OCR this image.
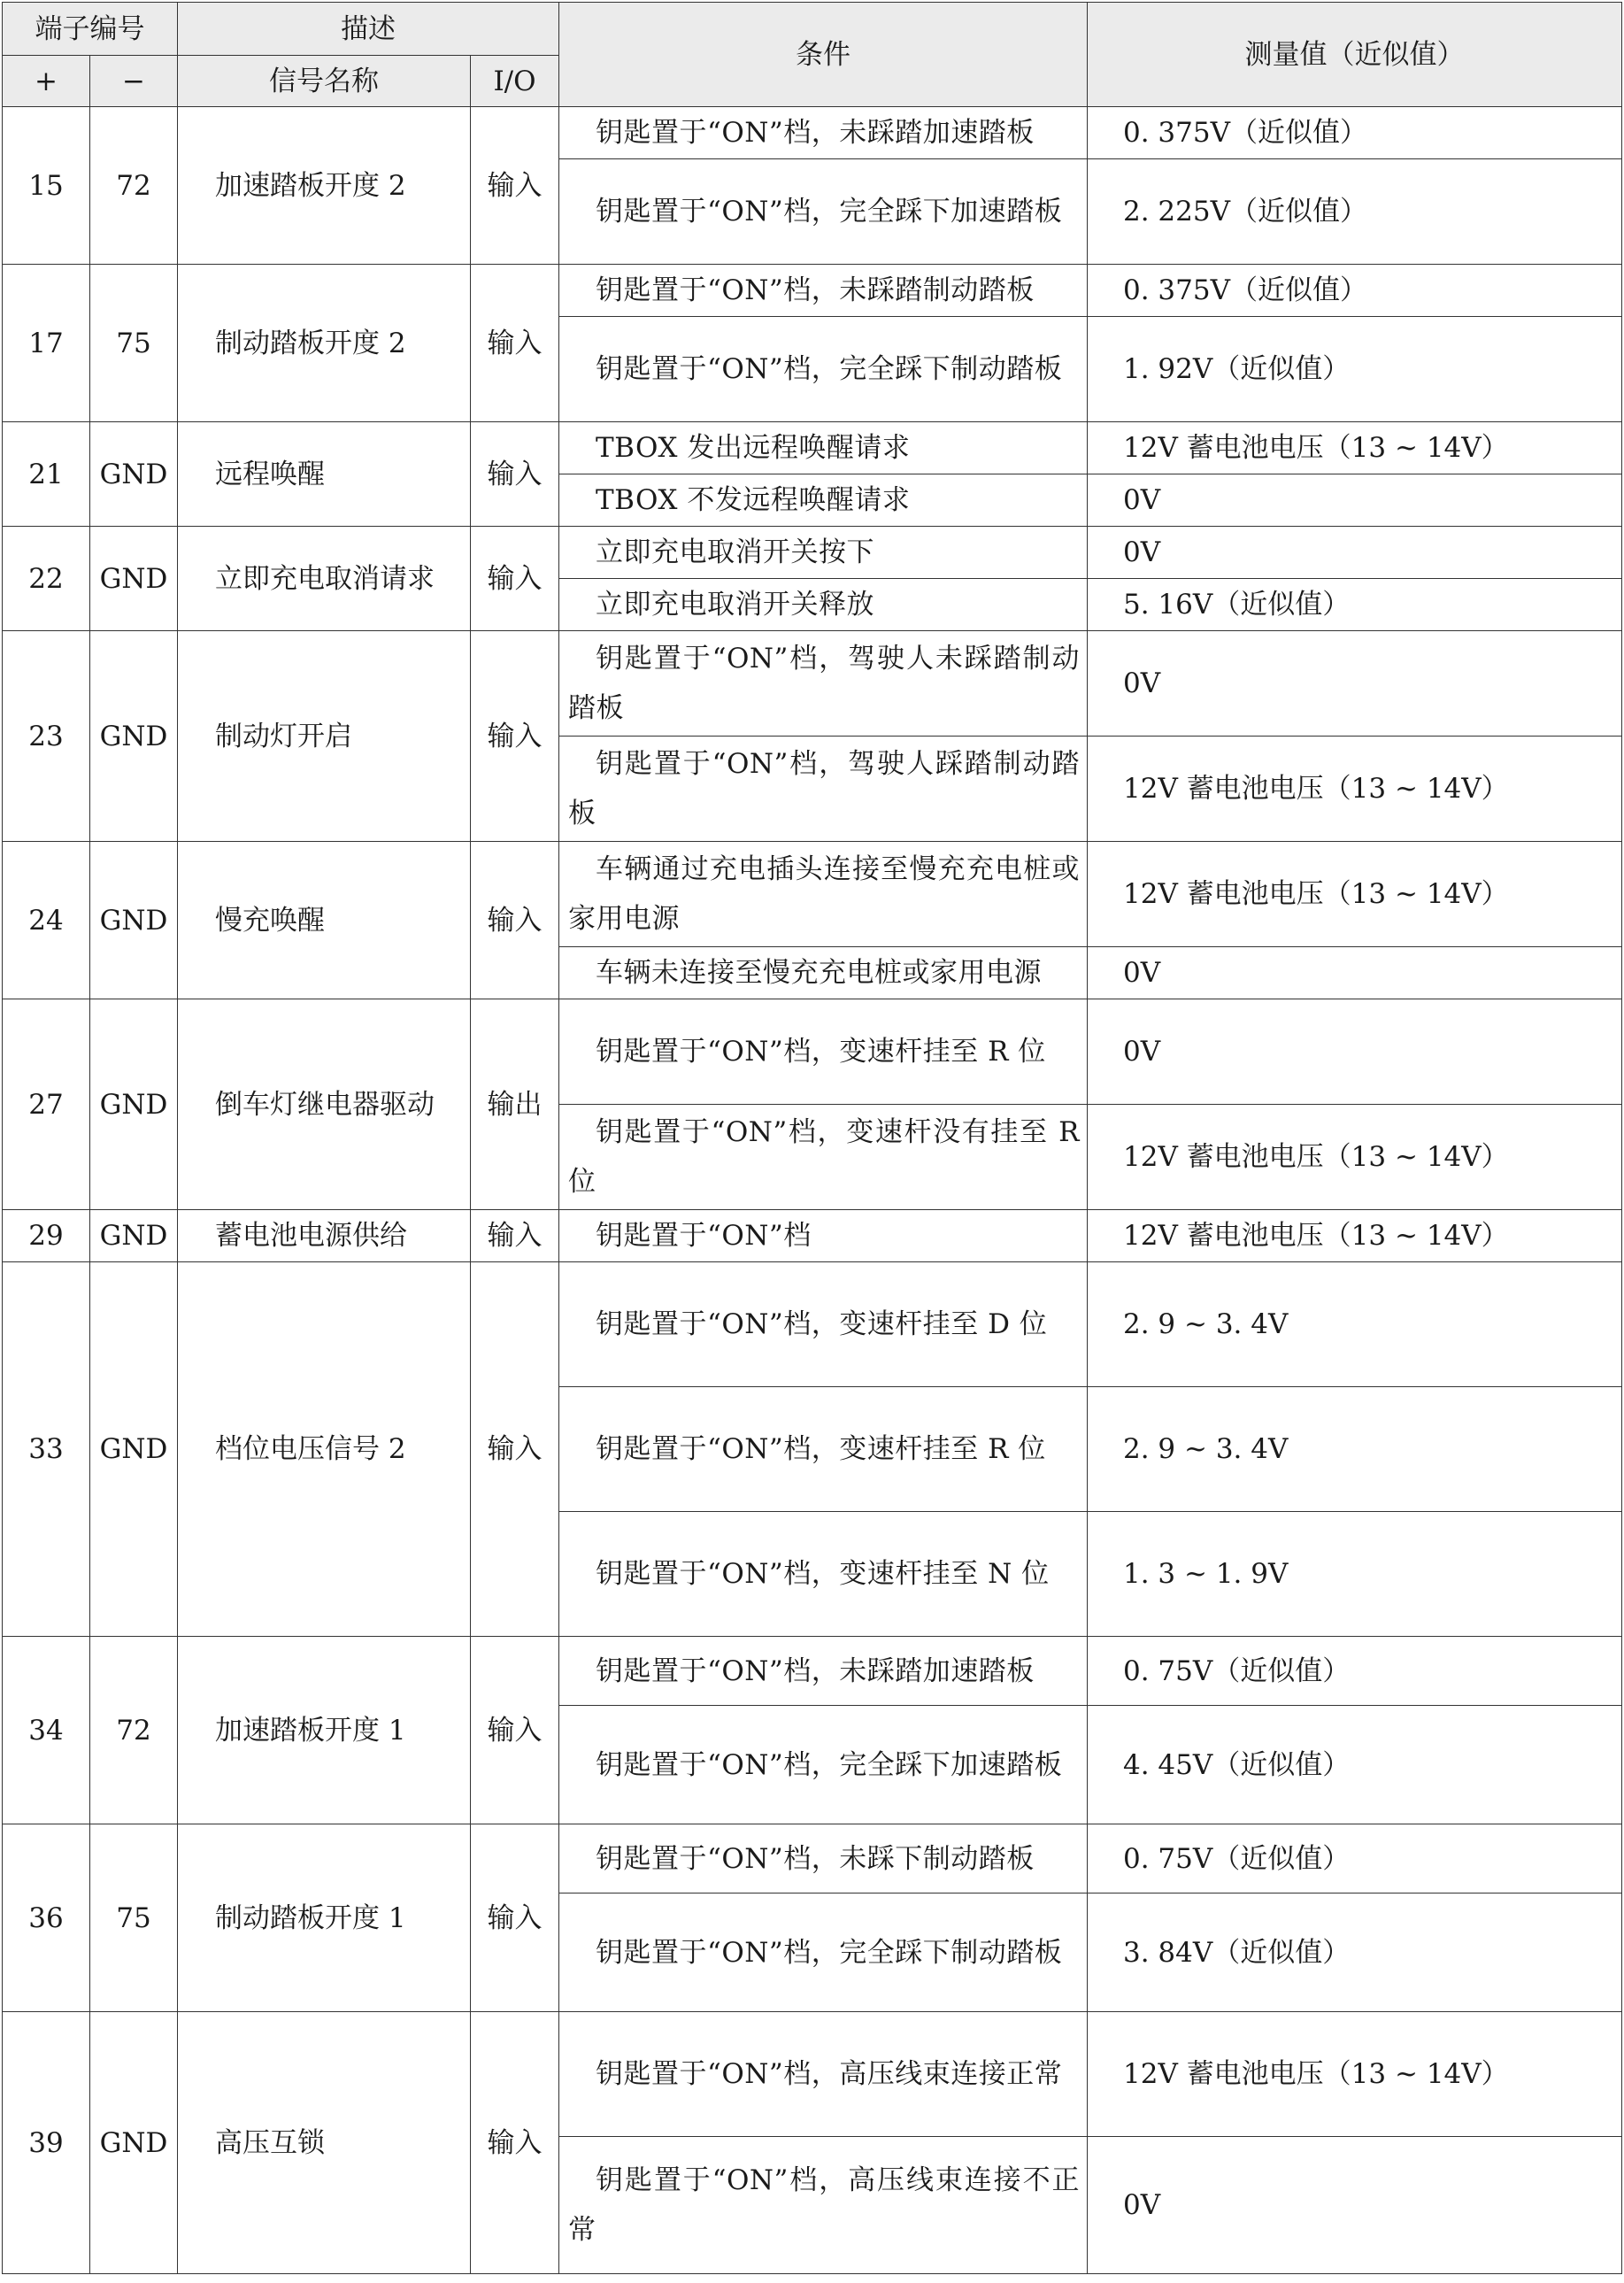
端子编号		描述		条件	测量值（近似值）
+	−	信号名称	I/O		
15	72	加速踏板开度 2	输入	钥匙置于“ON”档，未踩踏加速踏板	0. 375V（近似值）
				钥匙置于“ON”档，完全踩下加速踏板	2. 225V（近似值）
17	75	制动踏板开度 2	输入	钥匙置于“ON”档，未踩踏制动踏板	0. 375V（近似值）
				钥匙置于“ON”档，完全踩下制动踏板	1. 92V（近似值）
21	GND	远程唤醒	输入	TBOX 发出远程唤醒请求	12V 蓄电池电压（13 ~ 14V）
				TBOX 不发远程唤醒请求	0V
22	GND	立即充电取消请求	输入	立即充电取消开关按下	0V
				立即充电取消开关释放	5. 16V（近似值）
23	GND	制动灯开启	输入	钥匙置于“ON”档，驾驶人未踩踏制动踏板	0V
				钥匙置于“ON”档，驾驶人踩踏制动踏板	12V 蓄电池电压（13 ~ 14V）
24	GND	慢充唤醒	输入	车辆通过充电插头连接至慢充充电桩或家用电源	12V 蓄电池电压（13 ~ 14V）
				车辆未连接至慢充充电桩或家用电源	0V
27	GND	倒车灯继电器驱动	输出	钥匙置于“ON”档，变速杆挂至 R 位	0V
				钥匙置于“ON”档，变速杆没有挂至 R 位	12V 蓄电池电压（13 ~ 14V）
29	GND	蓄电池电源供给	输入	钥匙置于“ON”档	12V 蓄电池电压（13 ~ 14V）
33	GND	档位电压信号 2	输入	钥匙置于“ON”档，变速杆挂至 D 位	2. 9 ~ 3. 4V
				钥匙置于“ON”档，变速杆挂至 R 位	2. 9 ~ 3. 4V
				钥匙置于“ON”档，变速杆挂至 N 位	1. 3 ~ 1. 9V
34	72	加速踏板开度 1	输入	钥匙置于“ON”档，未踩踏加速踏板	0. 75V（近似值）
				钥匙置于“ON”档，完全踩下加速踏板	4. 45V（近似值）
36	75	制动踏板开度 1	输入	钥匙置于“ON”档，未踩下制动踏板	0. 75V（近似值）
				钥匙置于“ON”档，完全踩下制动踏板	3. 84V（近似值）
39	GND	高压互锁	输入	钥匙置于“ON”档，高压线束连接正常	12V 蓄电池电压（13 ~ 14V）
				钥匙置于“ON”档，高压线束连接不正常	0V
